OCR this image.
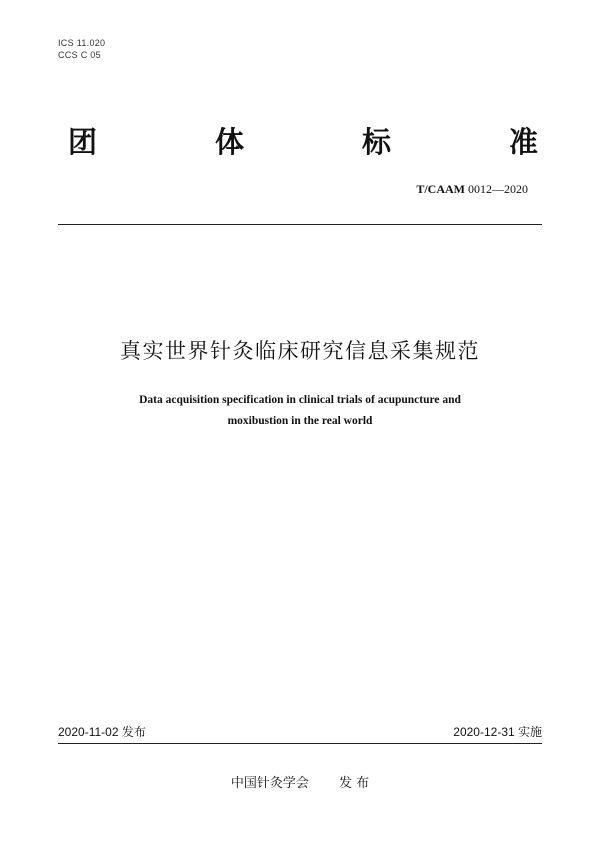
ICS 11.020
CCS C 05
团	体	标	准
T/CAAM 0012—2020
真实世界针灸临床研究信息采集规范
Data acquisition specification in clinical trials of acupuncture and
moxibustion in the real world
2020-11-02 发布	2020-12-31 实施
中国针灸学会 发 布
